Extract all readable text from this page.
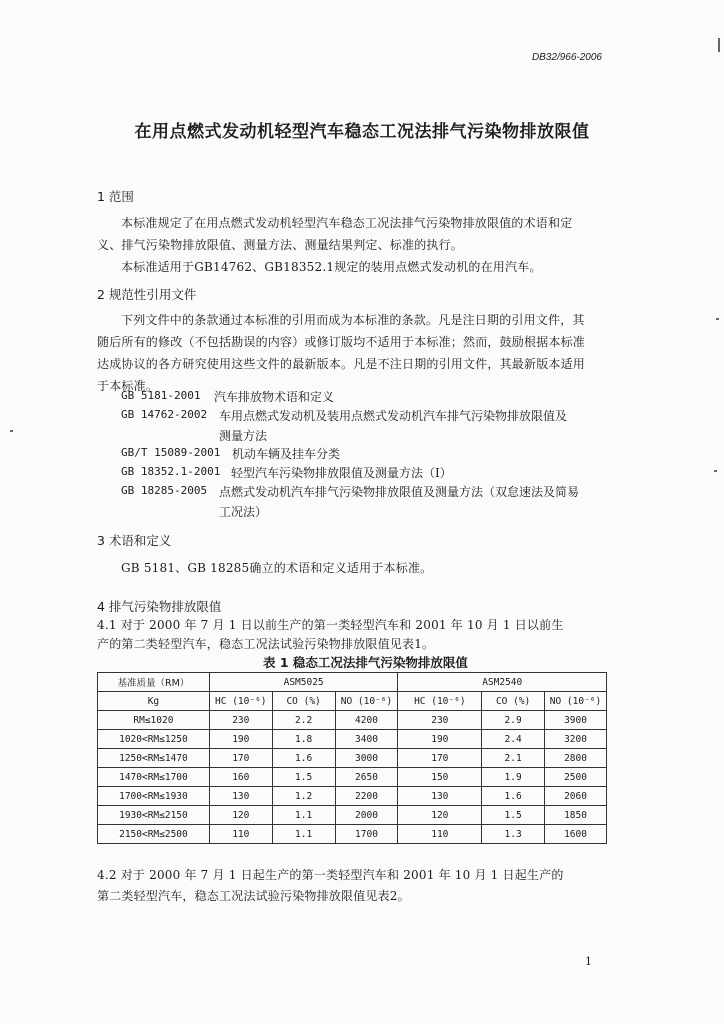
DB32/966-2006
在用点燃式发动机轻型汽车稳态工况法排气污染物排放限值
1 范围
本标准规定了在用点燃式发动机轻型汽车稳态工况法排气污染物排放限值的术语和定
义、排气污染物排放限值、测量方法、测量结果判定、标准的执行。
本标准适用于GB14762、GB18352.1规定的装用点燃式发动机的在用汽车。
2 规范性引用文件
下列文件中的条款通过本标准的引用而成为本标准的条款。凡是注日期的引用文件，其
随后所有的修改（不包括勘误的内容）或修订版均不适用于本标准；然而，鼓励根据本标准
达成协议的各方研究使用这些文件的最新版本。凡是不注日期的引用文件，其最新版本适用
于本标准。
GB 5181-2001 汽车排放物术语和定义
GB 14762-2002 车用点燃式发动机及装用点燃式发动机汽车排气污染物排放限值及
测量方法
GB/T 15089-2001 机动车辆及挂车分类
GB 18352.1-2001 轻型汽车污染物排放限值及测量方法（Ⅰ）
GB 18285-2005 点燃式发动机汽车排气污染物排放限值及测量方法（双怠速法及简易
工况法）
3 术语和定义
GB 5181、GB 18285确立的术语和定义适用于本标准。
4 排气污染物排放限值
4.1 对于 2000 年 7 月 1 日以前生产的第一类轻型汽车和 2001 年 10 月 1 日以前生
产的第二类轻型汽车，稳态工况法试验污染物排放限值见表1。
表 1 稳态工况法排气污染物排放限值
基准质量（RM）	ASM5025			ASM2540		
Kg	HC (10⁻⁶)	CO (%)	NO (10⁻⁶)	HC (10⁻⁶)	CO (%)	NO (10⁻⁶)
RM≤1020	230	2.2	4200	230	2.9	3900
1020<RM≤1250	190	1.8	3400	190	2.4	3200
1250<RM≤1470	170	1.6	3000	170	2.1	2800
1470<RM≤1700	160	1.5	2650	150	1.9	2500
1700<RM≤1930	130	1.2	2200	130	1.6	2060
1930<RM≤2150	120	1.1	2000	120	1.5	1850
2150<RM≤2500	110	1.1	1700	110	1.3	1600
4.2 对于 2000 年 7 月 1 日起生产的第一类轻型汽车和 2001 年 10 月 1 日起生产的
第二类轻型汽车，稳态工况法试验污染物排放限值见表2。
1
